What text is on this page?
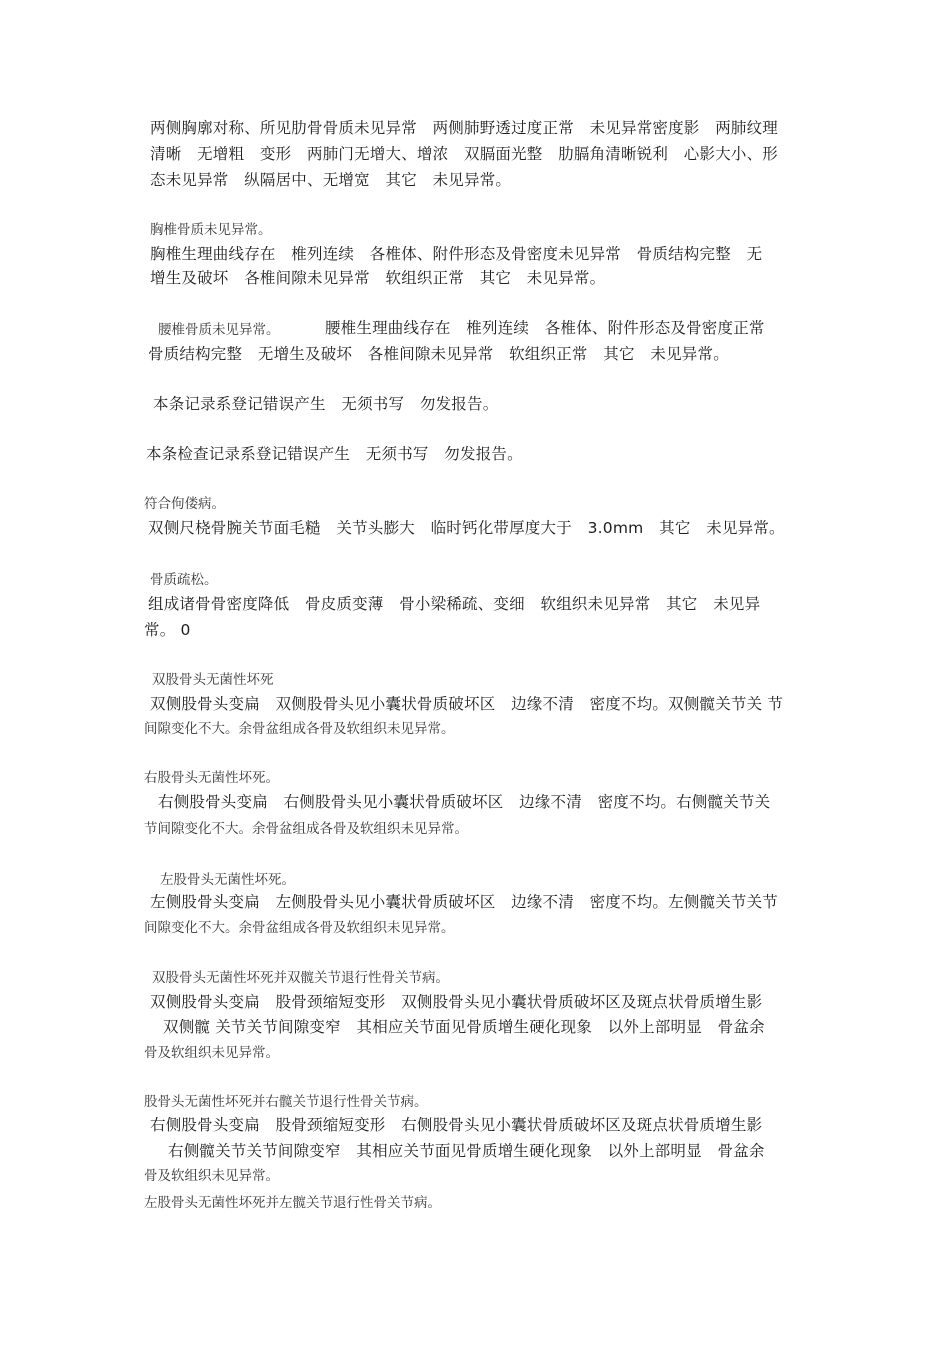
两侧胸廓对称、所见肋骨骨质未见异常　两侧肺野透过度正常　未见异常密度影　两肺纹理
清晰　无增粗　变形　两肺门无增大、增浓　双膈面光整　肋膈角清晰锐利　心影大小、形
态未见异常　纵隔居中、无增宽　其它　未见异常。
胸椎骨质未见异常。
胸椎生理曲线存在　椎列连续　各椎体、附件形态及骨密度未见异常　骨质结构完整　无
增生及破坏　各椎间隙未见异常　软组织正常　其它　未见异常。
腰椎骨质未见异常。	腰椎生理曲线存在　椎列连续　各椎体、附件形态及骨密度正常
骨质结构完整　无增生及破坏　各椎间隙未见异常　软组织正常　其它　未见异常。
本条记录系登记错误产生　无须书写　勿发报告。
本条检查记录系登记错误产生　无须书写　勿发报告。
符合佝偻病。
双侧尺桡骨腕关节面毛糙　关节头膨大　临时钙化带厚度大于　3.0mm　其它　未见异常。
骨质疏松。
组成诸骨骨密度降低　骨皮质变薄　骨小梁稀疏、变细　软组织未见异常　其它　未见异
常。 0
双股骨头无菌性坏死
双侧股骨头变扁　双侧股骨头见小囊状骨质破坏区　边缘不清　密度不均。双侧髋关节关 节
间隙变化不大。余骨盆组成各骨及软组织未见异常。
右股骨头无菌性坏死。
右侧股骨头变扁　右侧股骨头见小囊状骨质破坏区　边缘不清　密度不均。右侧髋关节关
节间隙变化不大。余骨盆组成各骨及软组织未见异常。
左股骨头无菌性坏死。
左侧股骨头变扁　左侧股骨头见小囊状骨质破坏区　边缘不清　密度不均。左侧髋关节关节
间隙变化不大。余骨盆组成各骨及软组织未见异常。
双股骨头无菌性坏死并双髋关节退行性骨关节病。
双侧股骨头变扁　股骨颈缩短变形　双侧股骨头见小囊状骨质破坏区及斑点状骨质增生影
双侧髋 关节关节间隙变窄　其相应关节面见骨质增生硬化现象　以外上部明显　骨盆余
骨及软组织未见异常。
股骨头无菌性坏死并右髋关节退行性骨关节病。
右侧股骨头变扁　股骨颈缩短变形　右侧股骨头见小囊状骨质破坏区及斑点状骨质增生影
右侧髋关节关节间隙变窄　其相应关节面见骨质增生硬化现象　以外上部明显　骨盆余
骨及软组织未见异常。
左股骨头无菌性坏死并左髋关节退行性骨关节病。
